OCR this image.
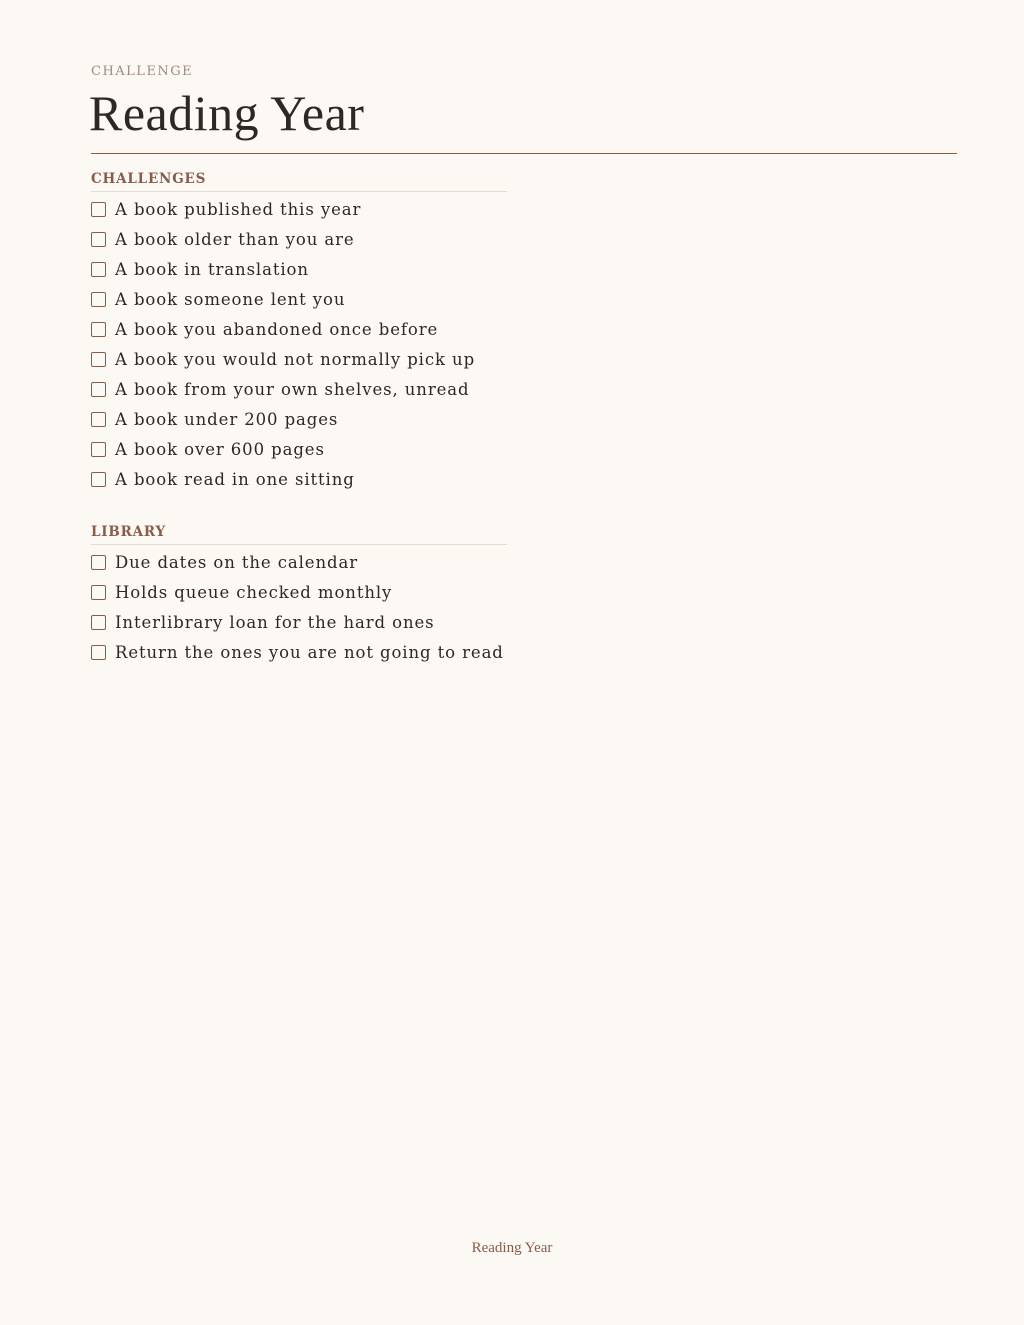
CHALLENGE
Reading Year
CHALLENGES
A book published this year
A book older than you are
A book in translation
A book someone lent you
A book you abandoned once before
A book you would not normally pick up
A book from your own shelves, unread
A book under 200 pages
A book over 600 pages
A book read in one sitting
LIBRARY
Due dates on the calendar
Holds queue checked monthly
Interlibrary loan for the hard ones
Return the ones you are not going to read
Reading Year
